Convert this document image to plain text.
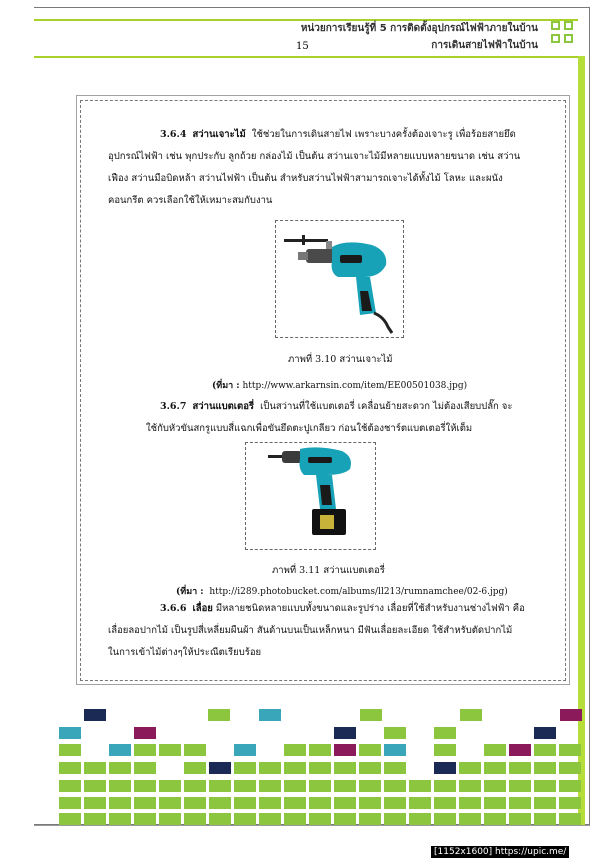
หน่วยการเรียนรู้ที่ 5 การติดตั้งอุปกรณ์ไฟฟ้าภายในบ้าน
การเดินสายไฟฟ้าในบ้าน
15
3.6.4 สว่านเจาะไม้ ใช้ช่วยในการเดินสายไฟ เพราะบางครั้งต้องเจาะรู เพื่อร้อยสายยึด
อุปกรณ์ไฟฟ้า เช่น พุกประกับ ลูกถ้วย กล่องไม้ เป็นต้น สว่านเจาะไม้มีหลายแบบหลายขนาด เช่น สว่าน
เฟือง สว่านมือบิดหล้า สว่านไฟฟ้า เป็นต้น สำหรับสว่านไฟฟ้าสามารถเจาะได้ทั้งไม้ โลหะ และผนัง
คอนกรีต ควรเลือกใช้ให้เหมาะสมกับงาน
ภาพที่ 3.10 สว่านเจาะไม้
(ที่มา : http://www.arkarnsin.com/item/EE00501038.jpg)
3.6.7 สว่านแบตเตอรี่ เป็นสว่านที่ใช้แบตเตอรี่ เคลื่อนย้ายสะดวก ไม่ต้องเสียบปลั๊ก จะ
ใช้กับหัวขันสกรูแบบสี่แฉกเพื่อขันยึดตะปูเกลียว ก่อนใช้ต้องชาร์ตแบตเตอรี่ให้เต็ม
ภาพที่ 3.11 สว่านแบตเตอรี่
(ที่มา : http://i289.photobucket.com/albums/ll213/rumnamchee/02-6.jpg)
3.6.6 เลื่อย มีหลายชนิดหลายแบบทั้งขนาดและรูปร่าง เลื่อยที่ใช้สำหรับงานช่างไฟฟ้า คือ
เลื่อยลอปากไม้ เป็นรูปสี่เหลี่ยมผืนผ้า สันด้านบนเป็นเหล็กหนา มีฟันเลื่อยละเอียด ใช้สำหรับตัดปากไม้
ในการเข้าไม้ต่างๆให้ประณีตเรียบร้อย
[1152x1600] https://upic.me/
